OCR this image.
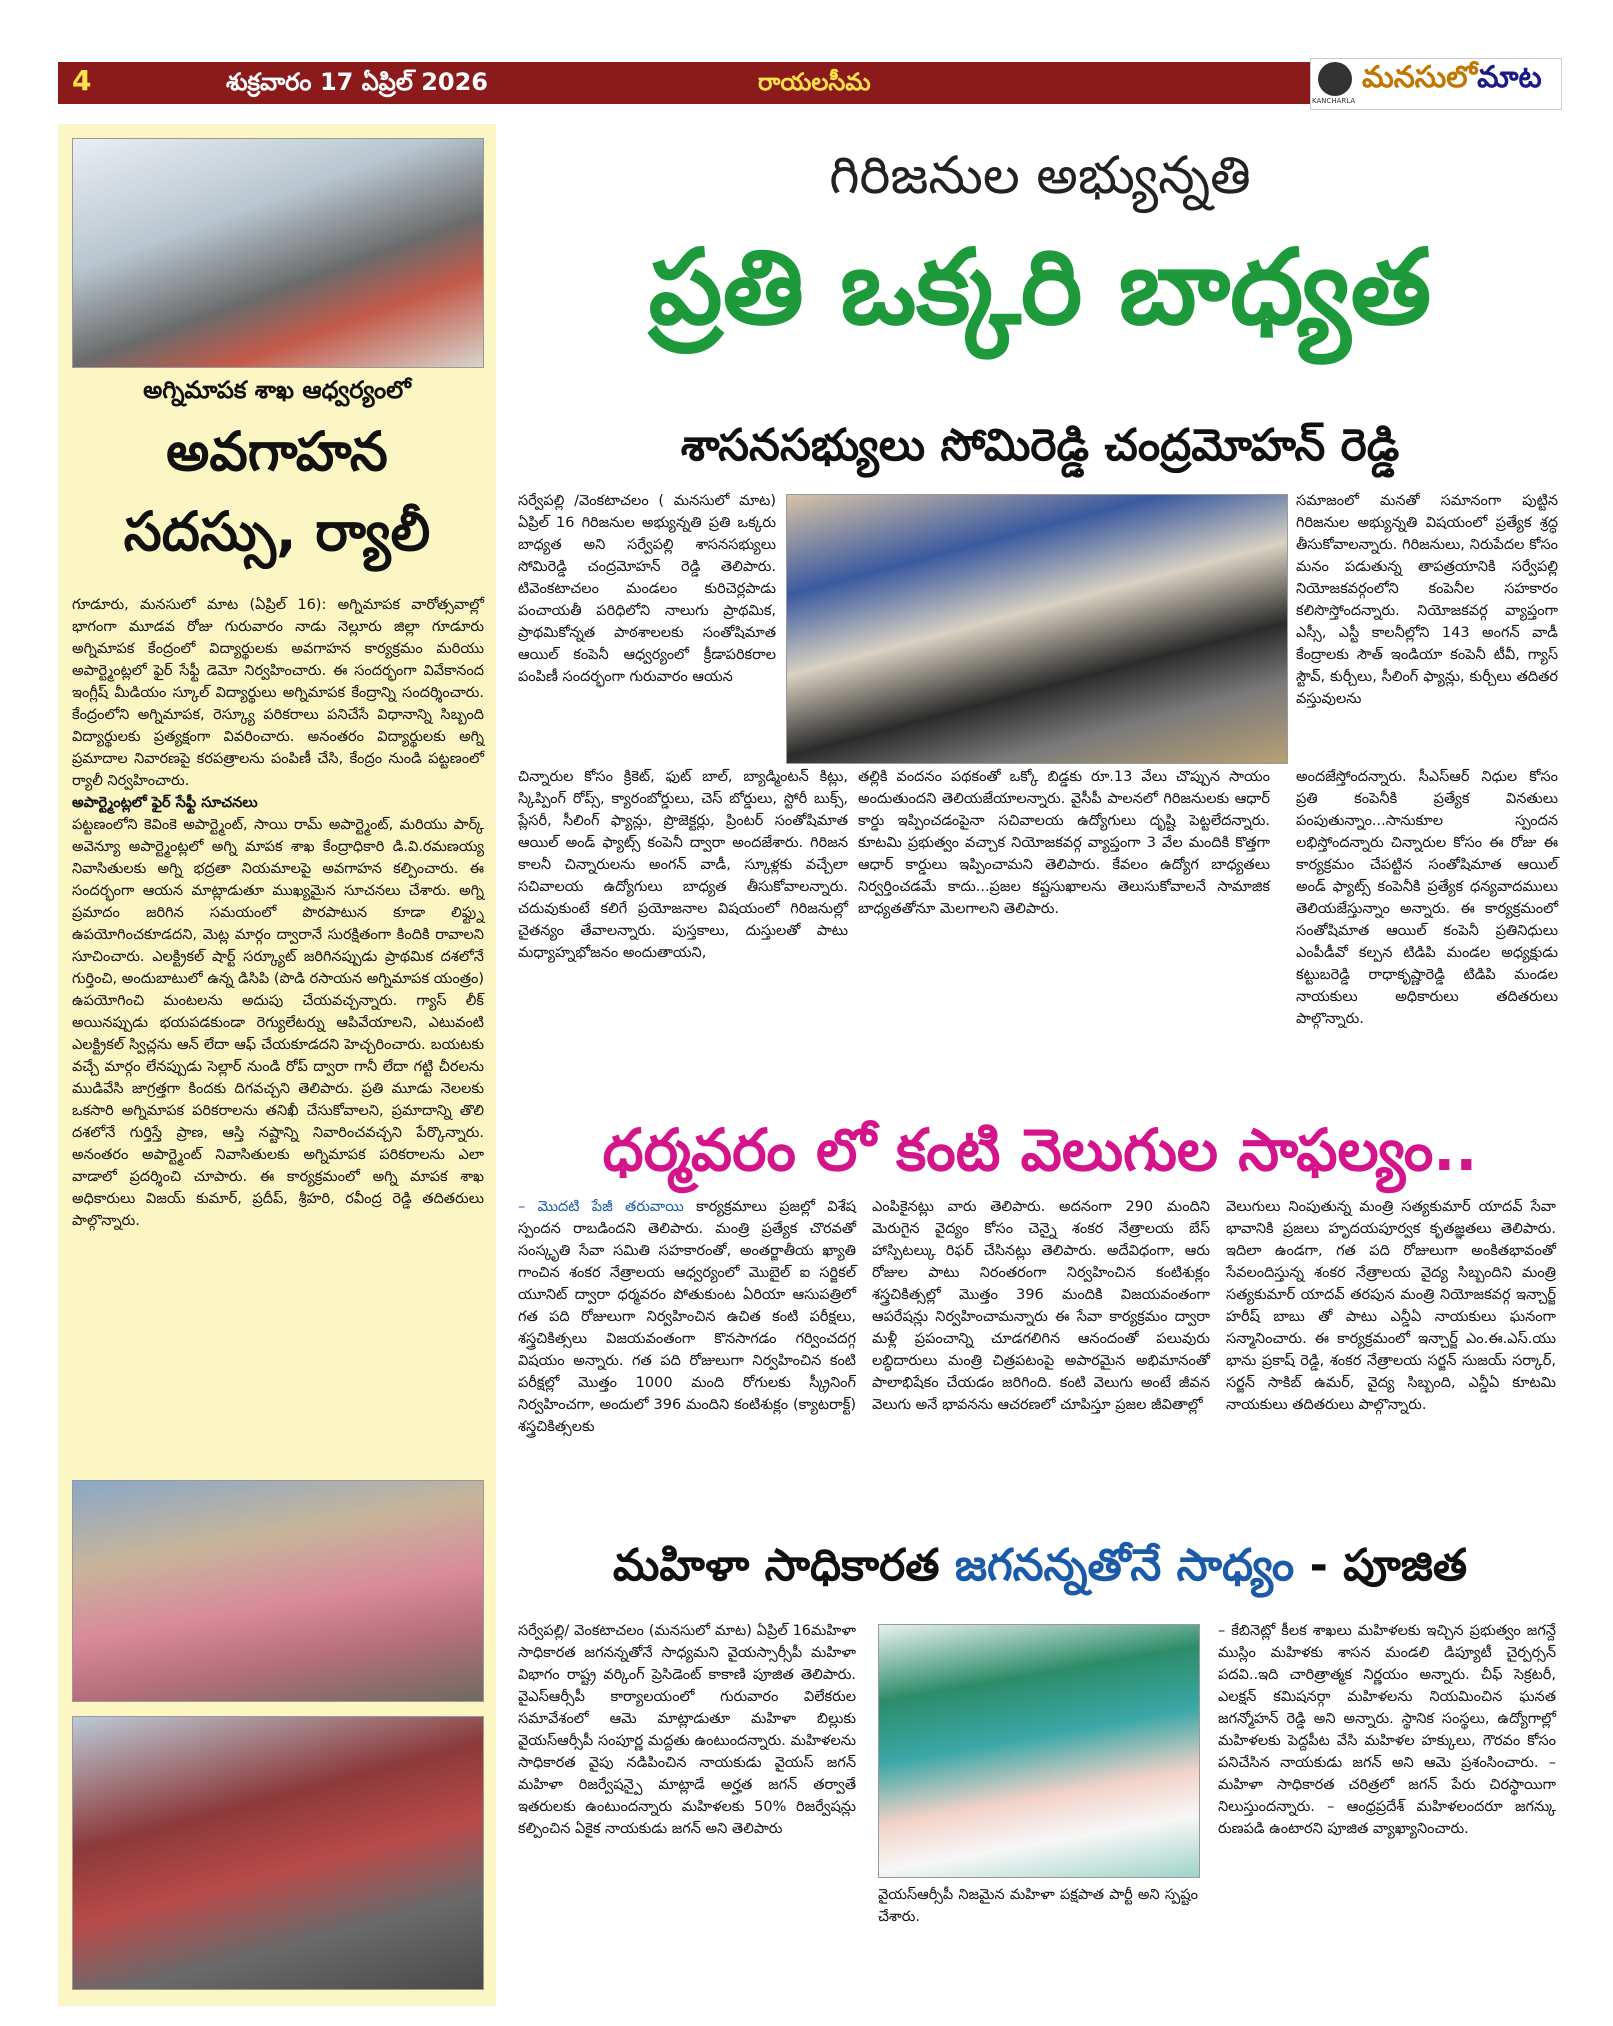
4	శుక్రవారం 17 ఏప్రిల్ 2026	రాయలసీమ	మనసులోమాట
KANCHARLA
అగ్నిమాపక శాఖ ఆధ్వర్యంలో
అవగాహన
సదస్సు, ర్యాలీ
గూడూరు, మనసులో మాట (ఏప్రిల్ 16): అగ్నిమాపక వారోత్సవాల్లో భాగంగా మూడవ రోజు గురువారం నాడు నెల్లూరు జిల్లా గూడూరు అగ్నిమాపక కేంద్రంలో విద్యార్థులకు అవగాహన కార్యక్రమం మరియు అపార్ట్మెంట్లలో ఫైర్ సేఫ్టీ డెమో నిర్వహించారు. ఈ సందర్భంగా వివేకానంద ఇంగ్లీష్ మీడియం స్కూల్ విద్యార్థులు అగ్నిమాపక కేంద్రాన్ని సందర్శించారు. కేంద్రంలోని అగ్నిమాపక, రెస్క్యూ పరికరాలు పనిచేసే విధానాన్ని సిబ్బంది విద్యార్థులకు ప్రత్యక్షంగా వివరించారు. అనంతరం విద్యార్థులకు అగ్ని ప్రమాదాల నివారణపై కరపత్రాలను పంపిణీ చేసి, కేంద్రం నుండి పట్టణంలో ర్యాలీ నిర్వహించారు.
అపార్ట్మెంట్లలో ఫైర్ సేఫ్టీ సూచనలు
పట్టణంలోని కెవింకె అపార్ట్మెంట్, సాయి రామ్ అపార్ట్మెంట్, మరియు పార్క్ అవెన్యూ అపార్ట్మెంట్లలో అగ్ని మాపక శాఖ కేంద్రాధికారి డి.వి.రమణయ్య నివాసితులకు అగ్ని భద్రతా నియమాలపై అవగాహన కల్పించారు. ఈ సందర్భంగా ఆయన మాట్లాడుతూ ముఖ్యమైన సూచనలు చేశారు. అగ్ని ప్రమాదం జరిగిన సమయంలో పొరపాటున కూడా లిఫ్ట్ను ఉపయోగించకూడదని, మెట్ల మార్గం ద్వారానే సురక్షితంగా కిందికి రావాలని సూచించారు. ఎలక్ట్రికల్ షార్ట్ సర్క్యూట్ జరిగినప్పుడు ప్రాథమిక దశలోనే గుర్తించి, అందుబాటులో ఉన్న డిసిపి (పొడి రసాయన అగ్నిమాపక యంత్రం) ఉపయోగించి మంటలను అదుపు చేయవచ్చన్నారు. గ్యాస్ లీక్ అయినప్పుడు భయపడకుండా రెగ్యులేటర్ను ఆపివేయాలని, ఎటువంటి ఎలక్ట్రికల్ స్విచ్లను ఆన్ లేదా ఆఫ్ చేయకూడదని హెచ్చరించారు. బయటకు వచ్చే మార్గం లేనప్పుడు సెల్లార్ నుండి రోప్ ద్వారా గానీ లేదా గట్టి చీరలను ముడివేసి జాగ్రత్తగా కిందకు దిగవచ్చని తెలిపారు. ప్రతి మూడు నెలలకు ఒకసారి అగ్నిమాపక పరికరాలను తనిఖీ చేసుకోవాలని, ప్రమాదాన్ని తొలి దశలోనే గుర్తిస్తే ప్రాణ, ఆస్తి నష్టాన్ని నివారించవచ్చని పేర్కొన్నారు. అనంతరం అపార్ట్మెంట్ నివాసితులకు అగ్నిమాపక పరికరాలను ఎలా వాడాలో ప్రదర్శించి చూపారు. ఈ కార్యక్రమంలో అగ్ని మాపక శాఖ అధికారులు విజయ్ కుమార్, ప్రదీప్, శ్రీహరి, రవీంద్ర రెడ్డి తదితరులు పాల్గొన్నారు.
గిరిజనుల అభ్యున్నతి
ప్రతి ఒక్కరి బాధ్యత
శాసనసభ్యులు సోమిరెడ్డి చంద్రమోహన్ రెడ్డి
సర్వేపల్లి /వెంకటాచలం ( మనసులో మాట) ఏప్రిల్ 16 గిరిజనుల అభ్యున్నతి ప్రతి ఒక్కరు బాధ్యత అని సర్వేపల్లి శాసనసభ్యులు సోమిరెడ్డి చంద్రమోహన్ రెడ్డి తెలిపారు. టివెంకటాచలం మండలం కురిచెర్లపాడు పంచాయతీ పరిధిలోని నాలుగు ప్రాథమిక, ప్రాథమికోన్నత పాఠశాలలకు సంతోషిమాత ఆయిల్ కంపెనీ ఆధ్వర్యంలో క్రీడాపరికరాల పంపిణీ సందర్భంగా గురువారం ఆయన
సమాజంలో మనతో సమానంగా పుట్టిన గిరిజనుల అభ్యున్నతి విషయంలో ప్రత్యేక శ్రద్ధ తీసుకోవాలన్నారు. గిరిజనులు, నిరుపేదల కోసం మనం పడుతున్న తాపత్రయానికి సర్వేపల్లి నియోజకవర్గంలోని కంపెనీల సహకారం కలిసొస్తోందన్నారు. నియోజకవర్గ వ్యాప్తంగా ఎస్సీ, ఎస్టీ కాలనీల్లోని 143 అంగన్ వాడీ కేంద్రాలకు సౌత్ ఇండియా కంపెనీ టీవీ, గ్యాస్ స్టౌవ్, కుర్చీలు, సీలింగ్ ఫ్యాన్లు, కుర్చీలు తదితర వస్తువులను
చిన్నారుల కోసం క్రికెట్, ఫుట్ బాల్, బ్యాడ్మింటన్ కిట్లు, స్కిప్పింగ్ రోప్స్, క్యారంబోర్డులు, చెస్ బోర్డులు, స్టోరీ బుక్స్, ప్లేసరీ, సీలింగ్ ఫ్యాన్లు, ప్రొజెక్టర్లు, ప్రింటర్ సంతోషిమాత ఆయిల్ అండ్ ఫ్యాట్స్ కంపెనీ ద్వారా అందజేశారు. గిరిజన కాలనీ చిన్నారులను అంగన్ వాడీ, స్కూళ్లకు వచ్చేలా సచివాలయ ఉద్యోగులు బాధ్యత తీసుకోవాలన్నారు. చదువుకుంటే కలిగే ప్రయోజనాల విషయంలో గిరిజనుల్లో చైతన్యం తేవాలన్నారు. పుస్తకాలు, దుస్తులతో పాటు మధ్యాహ్నభోజనం అందుతాయని,
తల్లికి వందనం పథకంతో ఒక్కో బిడ్డకు రూ.13 వేలు చొప్పున సాయం అందుతుందని తెలియజేయాలన్నారు. వైసీపీ పాలనలో గిరిజనులకు ఆధార్ కార్డు ఇప్పించడంపైనా సచివాలయ ఉద్యోగులు దృష్టి పెట్టలేదన్నారు. కూటమి ప్రభుత్వం వచ్చాక నియోజకవర్గ వ్యాప్తంగా 3 వేల మందికి కొత్తగా ఆధార్ కార్డులు ఇప్పించామని తెలిపారు. కేవలం ఉద్యోగ బాధ్యతలు నిర్వర్తించడమే కాదు...ప్రజల కష్టసుఖాలను తెలుసుకోవాలనే సామాజిక బాధ్యతతోనూ మెలగాలని తెలిపారు.
అందజేస్తోందన్నారు. సీఎస్ఆర్ నిధుల కోసం ప్రతి కంపెనీకి ప్రత్యేక వినతులు పంపుతున్నాం...సానుకూల స్పందన లభిస్తోందన్నారు చిన్నారుల కోసం ఈ రోజు ఈ కార్యక్రమం చేపట్టిన సంతోషిమాత ఆయిల్ అండ్ ఫ్యాట్స్ కంపెనీకి ప్రత్యేక ధన్యవాదములు తెలియజేస్తున్నాం అన్నారు. ఈ కార్యక్రమంలో సంతోషిమాత ఆయిల్ కంపెనీ ప్రతినిధులు ఎంపీడీవో కల్పన టిడిపి మండల అధ్యక్షుడు కట్టుబరెడ్డి రాధాకృష్ణారెడ్డి టిడిపి మండల నాయకులు అధికారులు తదితరులు పాల్గొన్నారు.
ధర్మవరం లో కంటి వెలుగుల సాఫల్యం..
– మొదటి పేజీ తరువాయి కార్యక్రమాలు ప్రజల్లో విశేష స్పందన రాబడిందని తెలిపారు. మంత్రి ప్రత్యేక చొరవతో సంస్కృతి సేవా సమితి సహకారంతో, అంతర్జాతీయ ఖ్యాతి గాంచిన శంకర నేత్రాలయ ఆధ్వర్యంలో మొబైల్ ఐ సర్జికల్ యూనిట్ ద్వారా ధర్మవరం పోతుకుంట ఏరియా ఆసుపత్రిలో గత పది రోజులుగా నిర్వహించిన ఉచిత కంటి పరీక్షలు, శస్త్రచికిత్సలు విజయవంతంగా కొనసాగడం గర్వించదగ్గ విషయం అన్నారు. గత పది రోజులుగా నిర్వహించిన కంటి పరీక్షల్లో మొత్తం 1000 మంది రోగులకు స్క్రీనింగ్ నిర్వహించగా, అందులో 396 మందిని కంటిశుక్లం (క్యాటరాక్ట్) శస్త్రచికిత్సలకు
ఎంపికైనట్లు వారు తెలిపారు. అదనంగా 290 మందిని మెరుగైన వైద్యం కోసం చెన్నై శంకర నేత్రాలయ బేస్ హాస్పిటల్కు రిఫర్ చేసినట్లు తెలిపారు. అదేవిధంగా, ఆరు రోజుల పాటు నిరంతరంగా నిర్వహించిన కంటిశుక్లం శస్త్రచికిత్సల్లో మొత్తం 396 మందికి విజయవంతంగా ఆపరేషన్లు నిర్వహించామన్నారు ఈ సేవా కార్యక్రమం ద్వారా మళ్లీ ప్రపంచాన్ని చూడగలిగిన ఆనందంతో పలువురు లబ్ధిదారులు మంత్రి చిత్రపటంపై అపారమైన అభిమానంతో పాలాభిషేకం చేయడం జరిగింది. కంటి వెలుగు అంటే జీవన వెలుగు అనే భావనను ఆచరణలో చూపిస్తూ ప్రజల జీవితాల్లో
వెలుగులు నింపుతున్న మంత్రి సత్యకుమార్ యాదవ్ సేవా భావానికి ప్రజలు హృదయపూర్వక కృతజ్ఞతలు తెలిపారు. ఇదిలా ఉండగా, గత పది రోజులుగా అంకితభావంతో సేవలందిస్తున్న శంకర నేత్రాలయ వైద్య సిబ్బందిని మంత్రి సత్యకుమార్ యాదవ్ తరపున మంత్రి నియోజకవర్గ ఇన్చార్జ్ హరీష్ బాబు తో పాటు ఎన్డీఏ నాయకులు ఘనంగా సన్మానించారు. ఈ కార్యక్రమంలో ఇన్చార్జ్ ఎం.ఈ.ఎస్.యు భాను ప్రకాష్ రెడ్డి, శంకర నేత్రాలయ సర్జన్ సుజయ్ సర్కార్, సర్జన్ సాకిబ్ ఉమర్, వైద్య సిబ్బంది, ఎన్డీఏ కూటమి నాయకులు తదితరులు పాల్గొన్నారు.
మహిళా సాధికారత జగనన్నతోనే సాధ్యం - పూజిత
సర్వేపల్లి/ వెంకటాచలం (మనసులో మాట) ఏప్రిల్ 16మహిళా సాధికారత జగనన్నతోనే సాధ్యమని వైయస్సార్సీపీ మహిళా విభాగం రాష్ట్ర వర్కింగ్ ప్రెసిడెంట్ కాకాణి పూజిత తెలిపారు. వైఎస్ఆర్సీపీ కార్యాలయంలో గురువారం విలేకరుల సమావేశంలో ఆమె మాట్లాడుతూ మహిళా బిల్లుకు వైయస్ఆర్సీపీ సంపూర్ణ మద్దతు ఉంటుందన్నారు. మహిళలను సాధికారత వైపు నడిపించిన నాయకుడు వైయస్ జగన్ మహిళా రిజర్వేషన్పై మాట్లాడే అర్హత జగన్ తర్వాతే ఇతరులకు ఉంటుందన్నారు మహిళలకు 50% రిజర్వేషన్లు కల్పించిన ఏకైక నాయకుడు జగన్ అని తెలిపారు
వైయస్ఆర్సీపీ నిజమైన మహిళా పక్షపాత పార్టీ అని స్పష్టం చేశారు.
– కేబినెట్లో కీలక శాఖలు మహిళలకు ఇచ్చిన ప్రభుత్వం జగన్దే ముస్లిం మహిళకు శాసన మండలి డిప్యూటీ చైర్పర్సన్ పదవి..ఇది చారిత్రాత్మక నిర్ణయం అన్నారు. చీఫ్ సెక్రటరీ, ఎలక్షన్ కమిషనర్గా మహిళలను నియమించిన ఘనత జగన్మోహన్ రెడ్డి అని అన్నారు. స్థానిక సంస్థలు, ఉద్యోగాల్లో మహిళలకు పెద్దపీట వేసి మహిళల హక్కులు, గౌరవం కోసం పనిచేసిన నాయకుడు జగన్ అని ఆమె ప్రశంసించారు. – మహిళా సాధికారత చరిత్రలో జగన్ పేరు చిరస్థాయిగా నిలుస్తుందన్నారు. – ఆంధ్రప్రదేశ్ మహిళలందరూ జగన్కు రుణపడి ఉంటారని పూజిత వ్యాఖ్యానించారు.
